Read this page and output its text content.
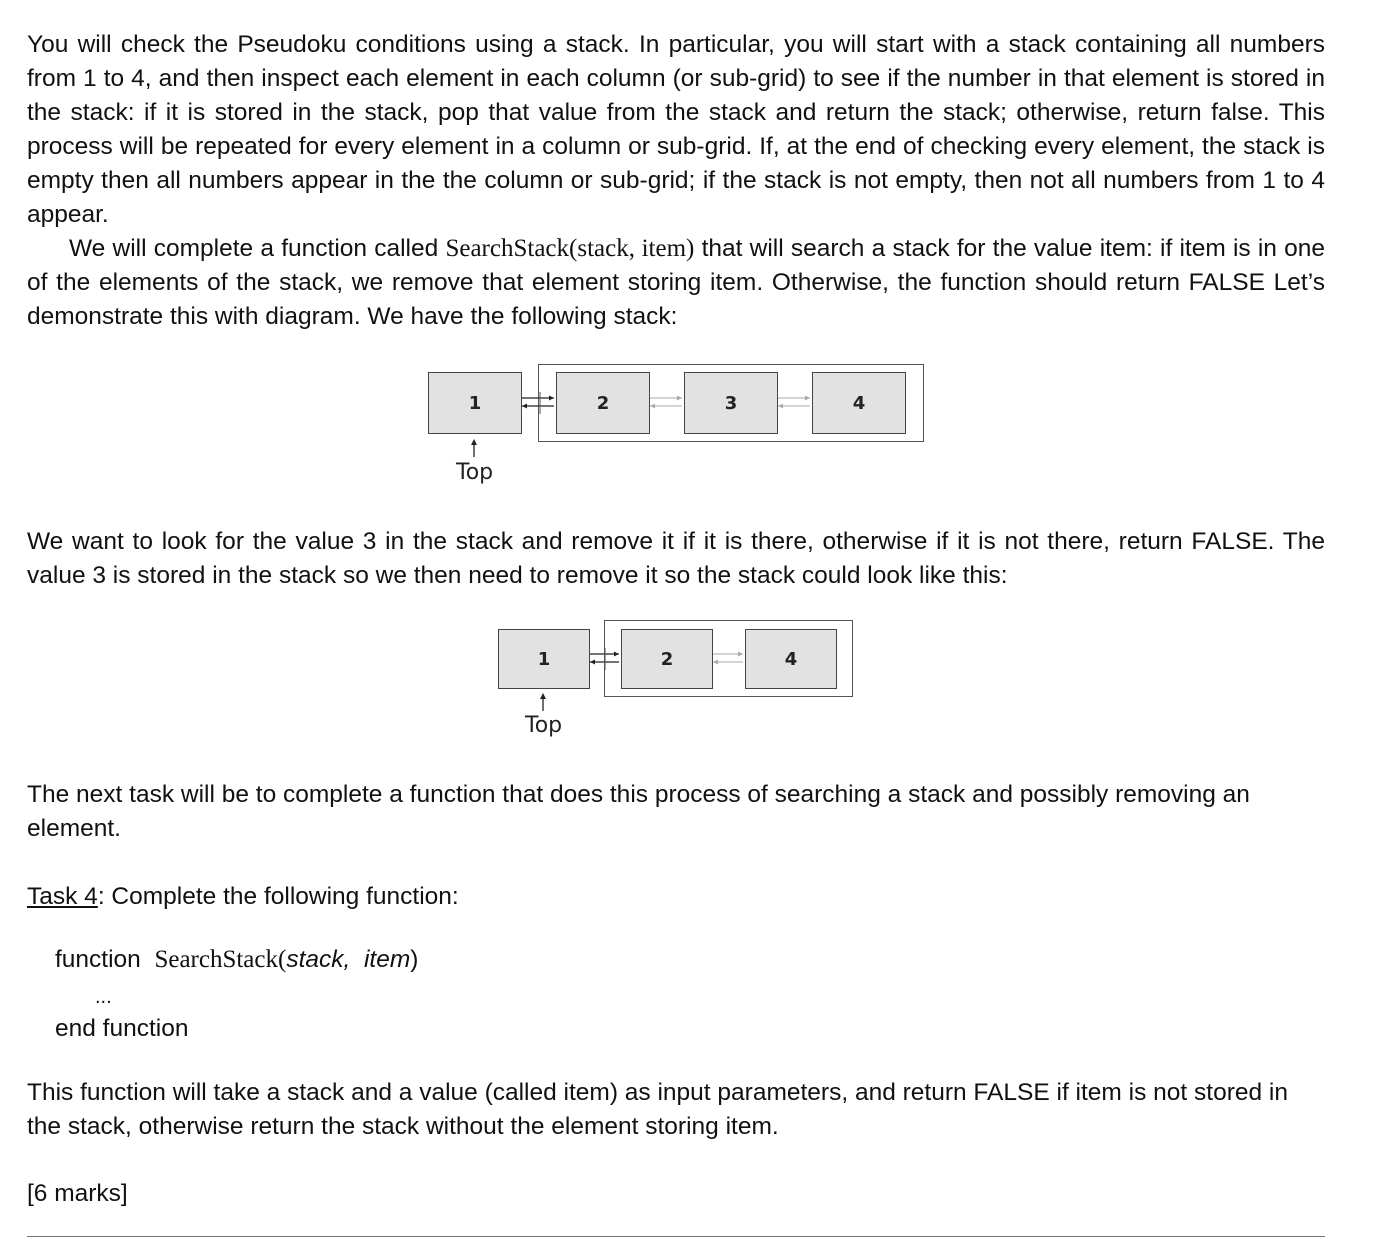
You will check the Pseudoku conditions using a stack. In particular, you will start with a stack containing all numbers from 1 to 4, and then inspect each element in each column (or sub-grid) to see if the number in that element is stored in the stack: if it is stored in the stack, pop that value from the stack and return the stack; otherwise, return false. This process will be repeated for every element in a column or sub-grid. If, at the end of checking every element, the stack is empty then all numbers appear in the the column or sub-grid; if the stack is not empty, then not all numbers from 1 to 4 appear.

We will complete a function called SearchStack(stack, item) that will search a stack for the value item: if item is in one of the elements of the stack, we remove that element storing item. Otherwise, the function should return FALSE Let’s demonstrate this with diagram. We have the following stack:

1	2	3	4
Top

We want to look for the value 3 in the stack and remove it if it is there, otherwise if it is not there, return FALSE. The value 3 is stored in the stack so we then need to remove it so the stack could look like this:

1	2	4
Top

The next task will be to complete a function that does this process of searching a stack and possibly removing an element.

Task 4: Complete the following function:

function SearchStack(stack, item)

...

end function

This function will take a stack and a value (called item) as input parameters, and return FALSE if item is not stored in the stack, otherwise return the stack without the element storing item.

[6 marks]
